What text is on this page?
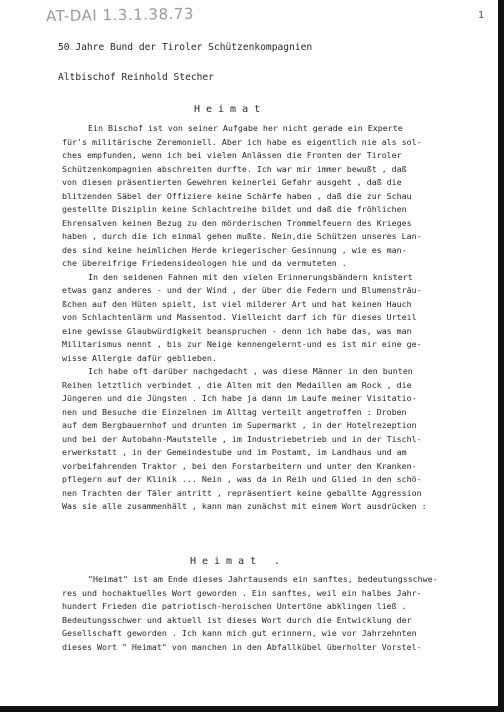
AT-DAI 1.3.1.38.73	1
50 Jahre Bund der Tiroler Schützenkompagnien
Altbischof Reinhold Stecher
Heimat
Ein Bischof ist von seiner Aufgabe her nicht gerade ein Experte
für's militärische Zeremoniell. Aber ich habe es eigentlich nie als sol-
ches empfunden, wenn ich bei vielen Anlässen die Fronten der Tiroler
Schützenkompagnien abschreiten durfte. Ich war mir immer bewußt , daß
von diesen präsentierten Gewehren keinerlei Gefahr ausgeht , daß die
blitzenden Säbel der Offiziere keine Schärfe haben , daß die zur Schau
gestellte Disziplin keine Schlachtreihe bildet und daß die fröhlichen
Ehrensalven keinen Bezug zu den mörderischen Trommelfeuern des Krieges
haben , durch die ich einmal gehen mußte. Nein,die Schützen unseres Lan-
des sind keine heimlichen Herde kriegerischer Gesinnung , wie es man-
che übereifrige Friedensideologen hie und da vermuteten .
In den seidenen Fahnen mit den vielen Erinnerungsbändern knistert
etwas ganz anderes - und der Wind , der über die Federn und Blumensträu-
ßchen auf den Hüten spielt, ist viel milderer Art und hat keinen Hauch
von Schlachtenlärm und Massentod. Vielleicht darf ich für dieses Urteil
eine gewisse Glaubwürdigkeit beanspruchen - denn ich habe das, was man
Militarismus nennt , bis zur Neige kennengelernt-und es ist mir eine ge-
wisse Allergie dafür geblieben.
Ich habe oft darüber nachgedacht , was diese Männer in den bunten
Reihen letztlich verbindet , die Alten mit den Medaillen am Rock , die
Jüngeren und die Jüngsten . Ich habe ja dann im Laufe meiner Visitatio-
nen und Besuche die Einzelnen im Alltag verteilt angetroffen : Droben
auf dem Bergbauernhof und drunten im Supermarkt , in der Hotelrezeption
und bei der Autobahn-Mautstelle , im Industriebetrieb und in der Tischl-
erwerkstatt , in der Gemeindestube und im Postamt, im Landhaus und am
vorbeifahrenden Traktor , bei den Forstarbeitern und unter den Kranken-
pflegern auf der Klinik ... Nein , was da in Reih und Glied in den schö-
nen Trachten der Täler antritt , repräsentiert keine geballte Aggression
Was sie alle zusammenhält , kann man zunächst mit einem Wort ausdrücken :
Heimat .
"Heimat" ist am Ende dieses Jahrtausends ein sanftes, bedeutungsschwe-
res und hochaktuelles Wort geworden . Ein sanftes, weil ein halbes Jahr-
hundert Frieden die patriotisch-heroischen Untertöne abklingen ließ .
Bedeutungsschwer und aktuell ist dieses Wort durch die Entwicklung der
Gesellschaft geworden . Ich kann mich gut erinnern, wie vor Jahrzehnten
dieses Wort " Heimat" von manchen in den Abfallkübel überholter Vorstel-
